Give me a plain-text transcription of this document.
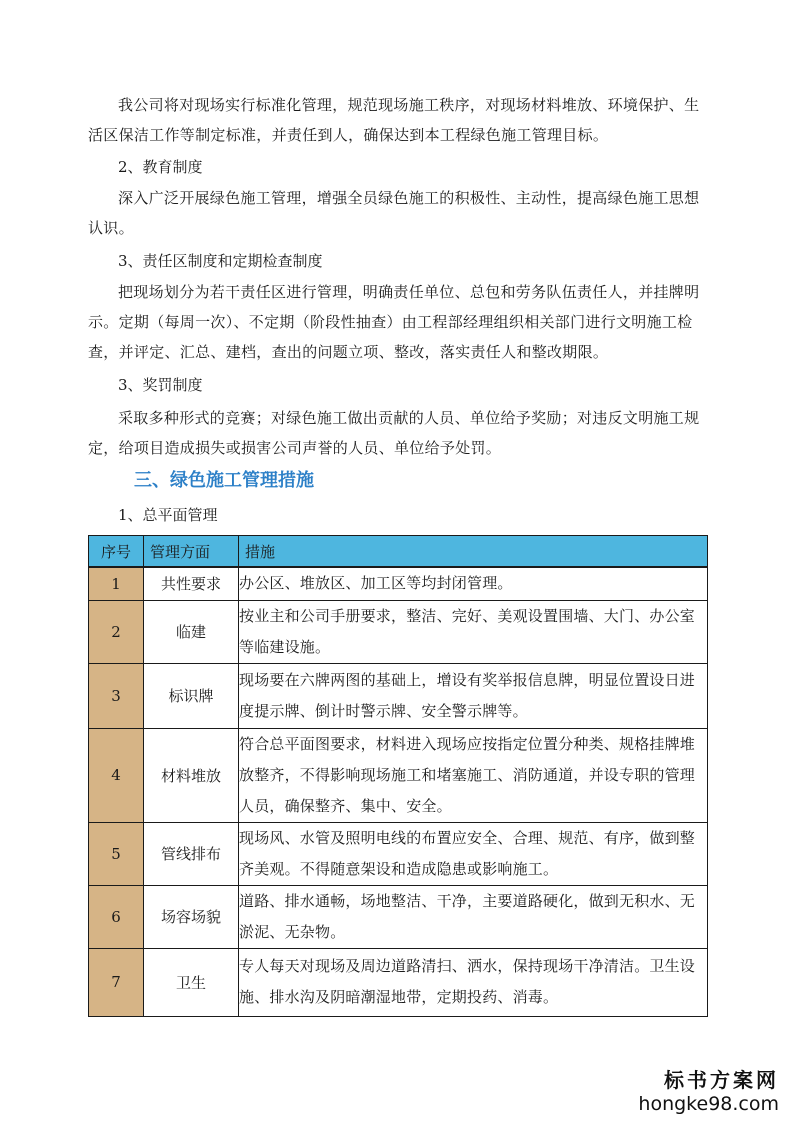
我公司将对现场实行标准化管理，规范现场施工秩序，对现场材料堆放、环境保护、生活区保洁工作等制定标准，并责任到人，确保达到本工程绿色施工管理目标。

2、教育制度

深入广泛开展绿色施工管理，增强全员绿色施工的积极性、主动性，提高绿色施工思想认识。

3、责任区制度和定期检查制度

把现场划分为若干责任区进行管理，明确责任单位、总包和劳务队伍责任人，并挂牌明示。定期（每周一次）、不定期（阶段性抽查）由工程部经理组织相关部门进行文明施工检查，并评定、汇总、建档，查出的问题立项、整改，落实责任人和整改期限。

3、奖罚制度

采取多种形式的竞赛；对绿色施工做出贡献的人员、单位给予奖励；对违反文明施工规定，给项目造成损失或损害公司声誉的人员、单位给予处罚。

三、绿色施工管理措施

1、总平面管理

序号	管理方面	措施
1	共性要求	办公区、堆放区、加工区等均封闭管理。
2	临建	按业主和公司手册要求，整洁、完好、美观设置围墙、大门、办公室等临建设施。
3	标识牌	现场要在六牌两图的基础上，增设有奖举报信息牌，明显位置设日进度提示牌、倒计时警示牌、安全警示牌等。
4	材料堆放	符合总平面图要求，材料进入现场应按指定位置分种类、规格挂牌堆放整齐，不得影响现场施工和堵塞施工、消防通道，并设专职的管理人员，确保整齐、集中、安全。
5	管线排布	现场风、水管及照明电线的布置应安全、合理、规范、有序，做到整齐美观。不得随意架设和造成隐患或影响施工。
6	场容场貌	道路、排水通畅，场地整洁、干净，主要道路硬化，做到无积水、无淤泥、无杂物。
7	卫生	专人每天对现场及周边道路清扫、洒水，保持现场干净清洁。卫生设施、排水沟及阴暗潮湿地带，定期投药、消毒。
标书方案网
hongke98.com
